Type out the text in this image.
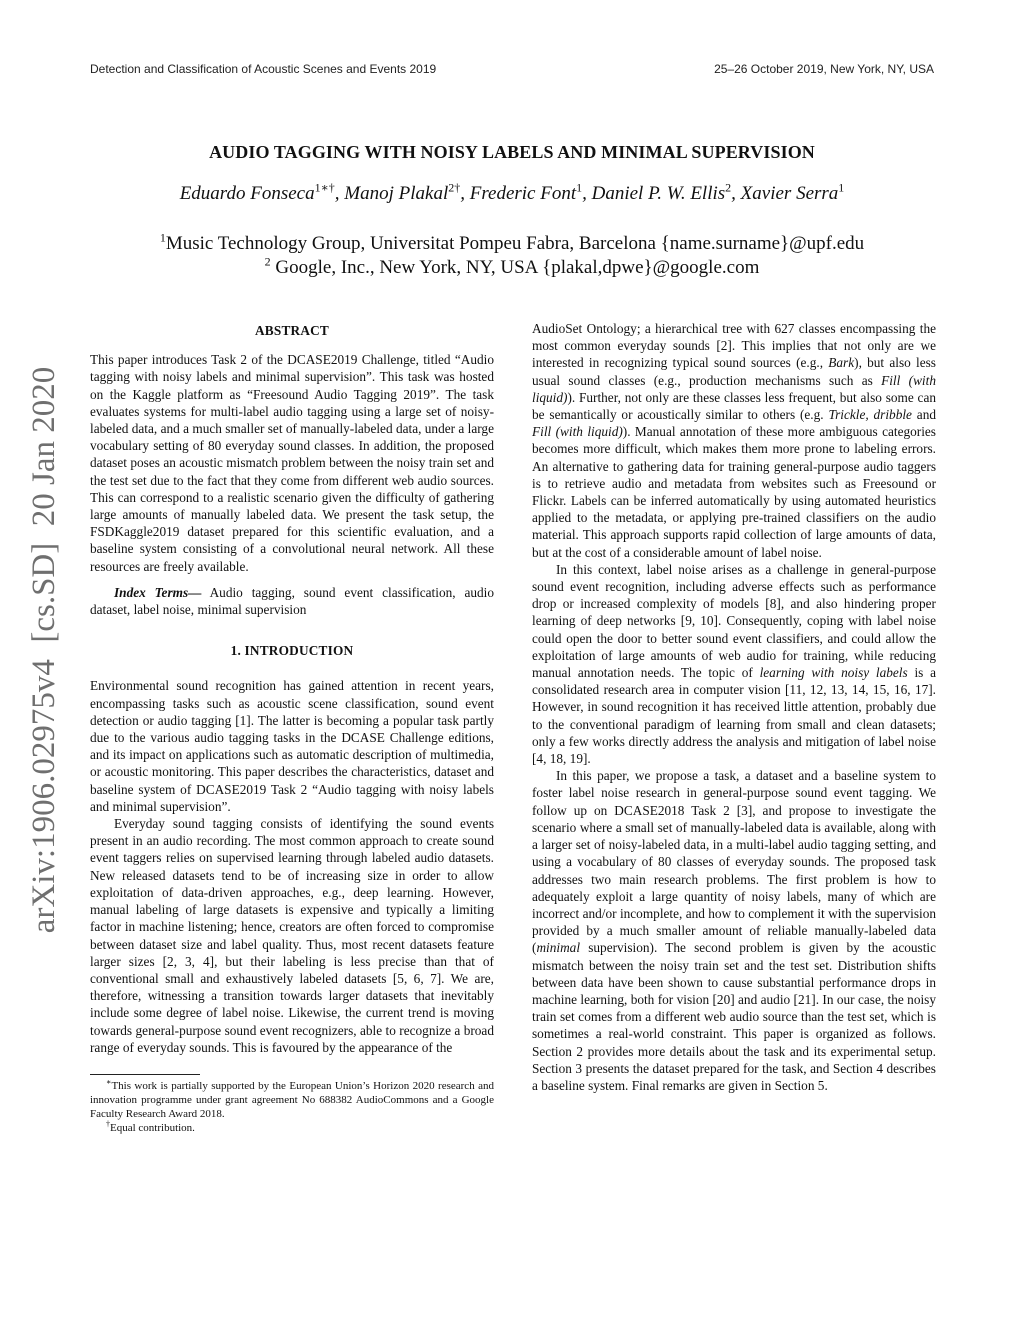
Detection and Classification of Acoustic Scenes and Events 2019	25–26 October 2019, New York, NY, USA
arXiv:1906.02975v4  [cs.SD]  20 Jan 2020
AUDIO TAGGING WITH NOISY LABELS AND MINIMAL SUPERVISION
Eduardo Fonseca$^{1∗\dagger}$, Manoj Plakal$^{2\dagger}$, Frederic Font$^1$, Daniel P. W. Ellis$^2$, Xavier Serra$^1$
$^1$Music Technology Group, Universitat Pompeu Fabra, Barcelona {name.surname}@upf.edu
$^2$ Google, Inc., New York, NY, USA {plakal,dpwe}@google.com
ABSTRACT

This paper introduces Task 2 of the DCASE2019 Challenge, titled “Audio tagging with noisy labels and minimal supervision”. This task was hosted on the Kaggle platform as “Freesound Audio Tagging 2019”. The task evaluates systems for multi-label audio tagging using a large set of noisy-labeled data, and a much smaller set of manually-labeled data, under a large vocabulary setting of 80 everyday sound classes. In addition, the proposed dataset poses an acoustic mismatch problem between the noisy train set and the test set due to the fact that they come from different web audio sources. This can correspond to a realistic scenario given the difficulty of gathering large amounts of manually labeled data. We present the task setup, the FSDKaggle2019 dataset prepared for this scientific evaluation, and a baseline system consisting of a convolutional neural network. All these resources are freely available.

Index Terms— Audio tagging, sound event classification, audio dataset, label noise, minimal supervision

1. INTRODUCTION

Environmental sound recognition has gained attention in recent years, encompassing tasks such as acoustic scene classification, sound event detection or audio tagging [1]. The latter is becoming a popular task partly due to the various audio tagging tasks in the DCASE Challenge editions, and its impact on applications such as automatic description of multimedia, or acoustic monitoring. This paper describes the characteristics, dataset and baseline system of DCASE2019 Task 2 “Audio tagging with noisy labels and minimal supervision”.

Everyday sound tagging consists of identifying the sound events present in an audio recording. The most common approach to create sound event taggers relies on supervised learning through labeled audio datasets. New released datasets tend to be of increasing size in order to allow exploitation of data-driven approaches, e.g., deep learning. However, manual labeling of large datasets is expensive and typically a limiting factor in machine listening; hence, creators are often forced to compromise between dataset size and label quality. Thus, most recent datasets feature larger sizes [2, 3, 4], but their labeling is less precise than that of conventional small and exhaustively labeled datasets [5, 6, 7]. We are, therefore, witnessing a transition towards larger datasets that inevitably include some degree of label noise. Likewise, the current trend is moving towards general-purpose sound event recognizers, able to recognize a broad range of everyday sounds. This is favoured by the appearance of the

∗This work is partially supported by the European Union’s Horizon 2020 research and innovation programme under grant agreement No 688382 AudioCommons and a Google Faculty Research Award 2018.

†Equal contribution.

AudioSet Ontology; a hierarchical tree with 627 classes encompassing the most common everyday sounds [2]. This implies that not only are we interested in recognizing typical sound sources (e.g., Bark), but also less usual sound classes (e.g., production mechanisms such as Fill (with liquid)). Further, not only are these classes less frequent, but also some can be semantically or acoustically similar to others (e.g. Trickle, dribble and Fill (with liquid)). Manual annotation of these more ambiguous categories becomes more difficult, which makes them more prone to labeling errors. An alternative to gathering data for training general-purpose audio taggers is to retrieve audio and metadata from websites such as Freesound or Flickr. Labels can be inferred automatically by using automated heuristics applied to the metadata, or applying pre-trained classifiers on the audio material. This approach supports rapid collection of large amounts of data, but at the cost of a considerable amount of label noise.

In this context, label noise arises as a challenge in general-purpose sound event recognition, including adverse effects such as performance drop or increased complexity of models [8], and also hindering proper learning of deep networks [9, 10]. Consequently, coping with label noise could open the door to better sound event classifiers, and could allow the exploitation of large amounts of web audio for training, while reducing manual annotation needs. The topic of learning with noisy labels is a consolidated research area in computer vision [11, 12, 13, 14, 15, 16, 17]. However, in sound recognition it has received little attention, probably due to the conventional paradigm of learning from small and clean datasets; only a few works directly address the analysis and mitigation of label noise [4, 18, 19].

In this paper, we propose a task, a dataset and a baseline system to foster label noise research in general-purpose sound event tagging. We follow up on DCASE2018 Task 2 [3], and propose to investigate the scenario where a small set of manually-labeled data is available, along with a larger set of noisy-labeled data, in a multi-label audio tagging setting, and using a vocabulary of 80 classes of everyday sounds. The proposed task addresses two main research problems. The first problem is how to adequately exploit a large quantity of noisy labels, many of which are incorrect and/or incomplete, and how to complement it with the supervision provided by a much smaller amount of reliable manually-labeled data (minimal supervision). The second problem is given by the acoustic mismatch between the noisy train set and the test set. Distribution shifts between data have been shown to cause substantial performance drops in machine learning, both for vision [20] and audio [21]. In our case, the noisy train set comes from a different web audio source than the test set, which is sometimes a real-world constraint. This paper is organized as follows. Section 2 provides more details about the task and its experimental setup. Section 3 presents the dataset prepared for the task, and Section 4 describes a baseline system. Final remarks are given in Section 5.
